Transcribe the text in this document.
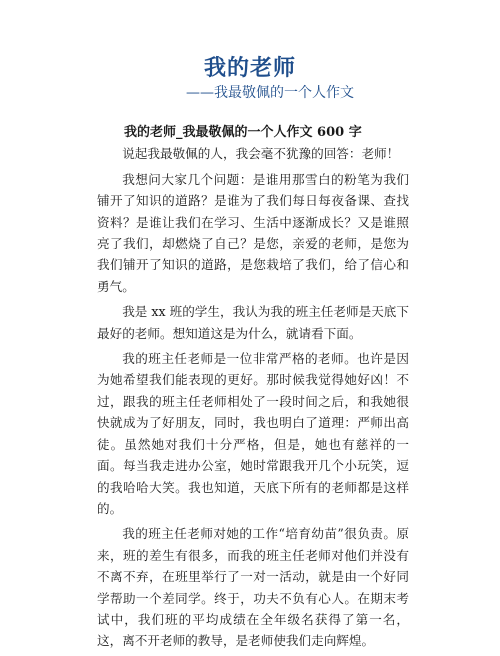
我的老师
——我最敬佩的一个人作文
我的老师_我最敬佩的一个人作文 600 字

说起我最敬佩的人，我会毫不犹豫的回答：老师！

我想问大家几个问题：是谁用那雪白的粉笔为我们铺开了知识的道路？是谁为了我们每日每夜备课、查找资料？是谁让我们在学习、生活中逐渐成长？又是谁照亮了我们，却燃烧了自己？是您，亲爱的老师，是您为我们铺开了知识的道路，是您栽培了我们，给了信心和勇气。

我是 xx 班的学生，我认为我的班主任老师是天底下最好的老师。想知道这是为什么，就请看下面。

我的班主任老师是一位非常严格的老师。也许是因为她希望我们能表现的更好。那时候我觉得她好凶！不过，跟我的班主任老师相处了一段时间之后，和我她很快就成为了好朋友，同时，我也明白了道理：严师出高徒。虽然她对我们十分严格，但是，她也有慈祥的一面。每当我走进办公室，她时常跟我开几个小玩笑，逗的我哈哈大笑。我也知道，天底下所有的老师都是这样的。

我的班主任老师对她的工作“培育幼苗”很负责。原来，班的差生有很多，而我的班主任老师对他们并没有不离不弃，在班里举行了一对一活动，就是由一个好同学帮助一个差同学。终于，功夫不负有心人。在期末考试中，我们班的平均成绩在全年级名获得了第一名，这，离不开老师的教导，是老师使我们走向辉煌。
